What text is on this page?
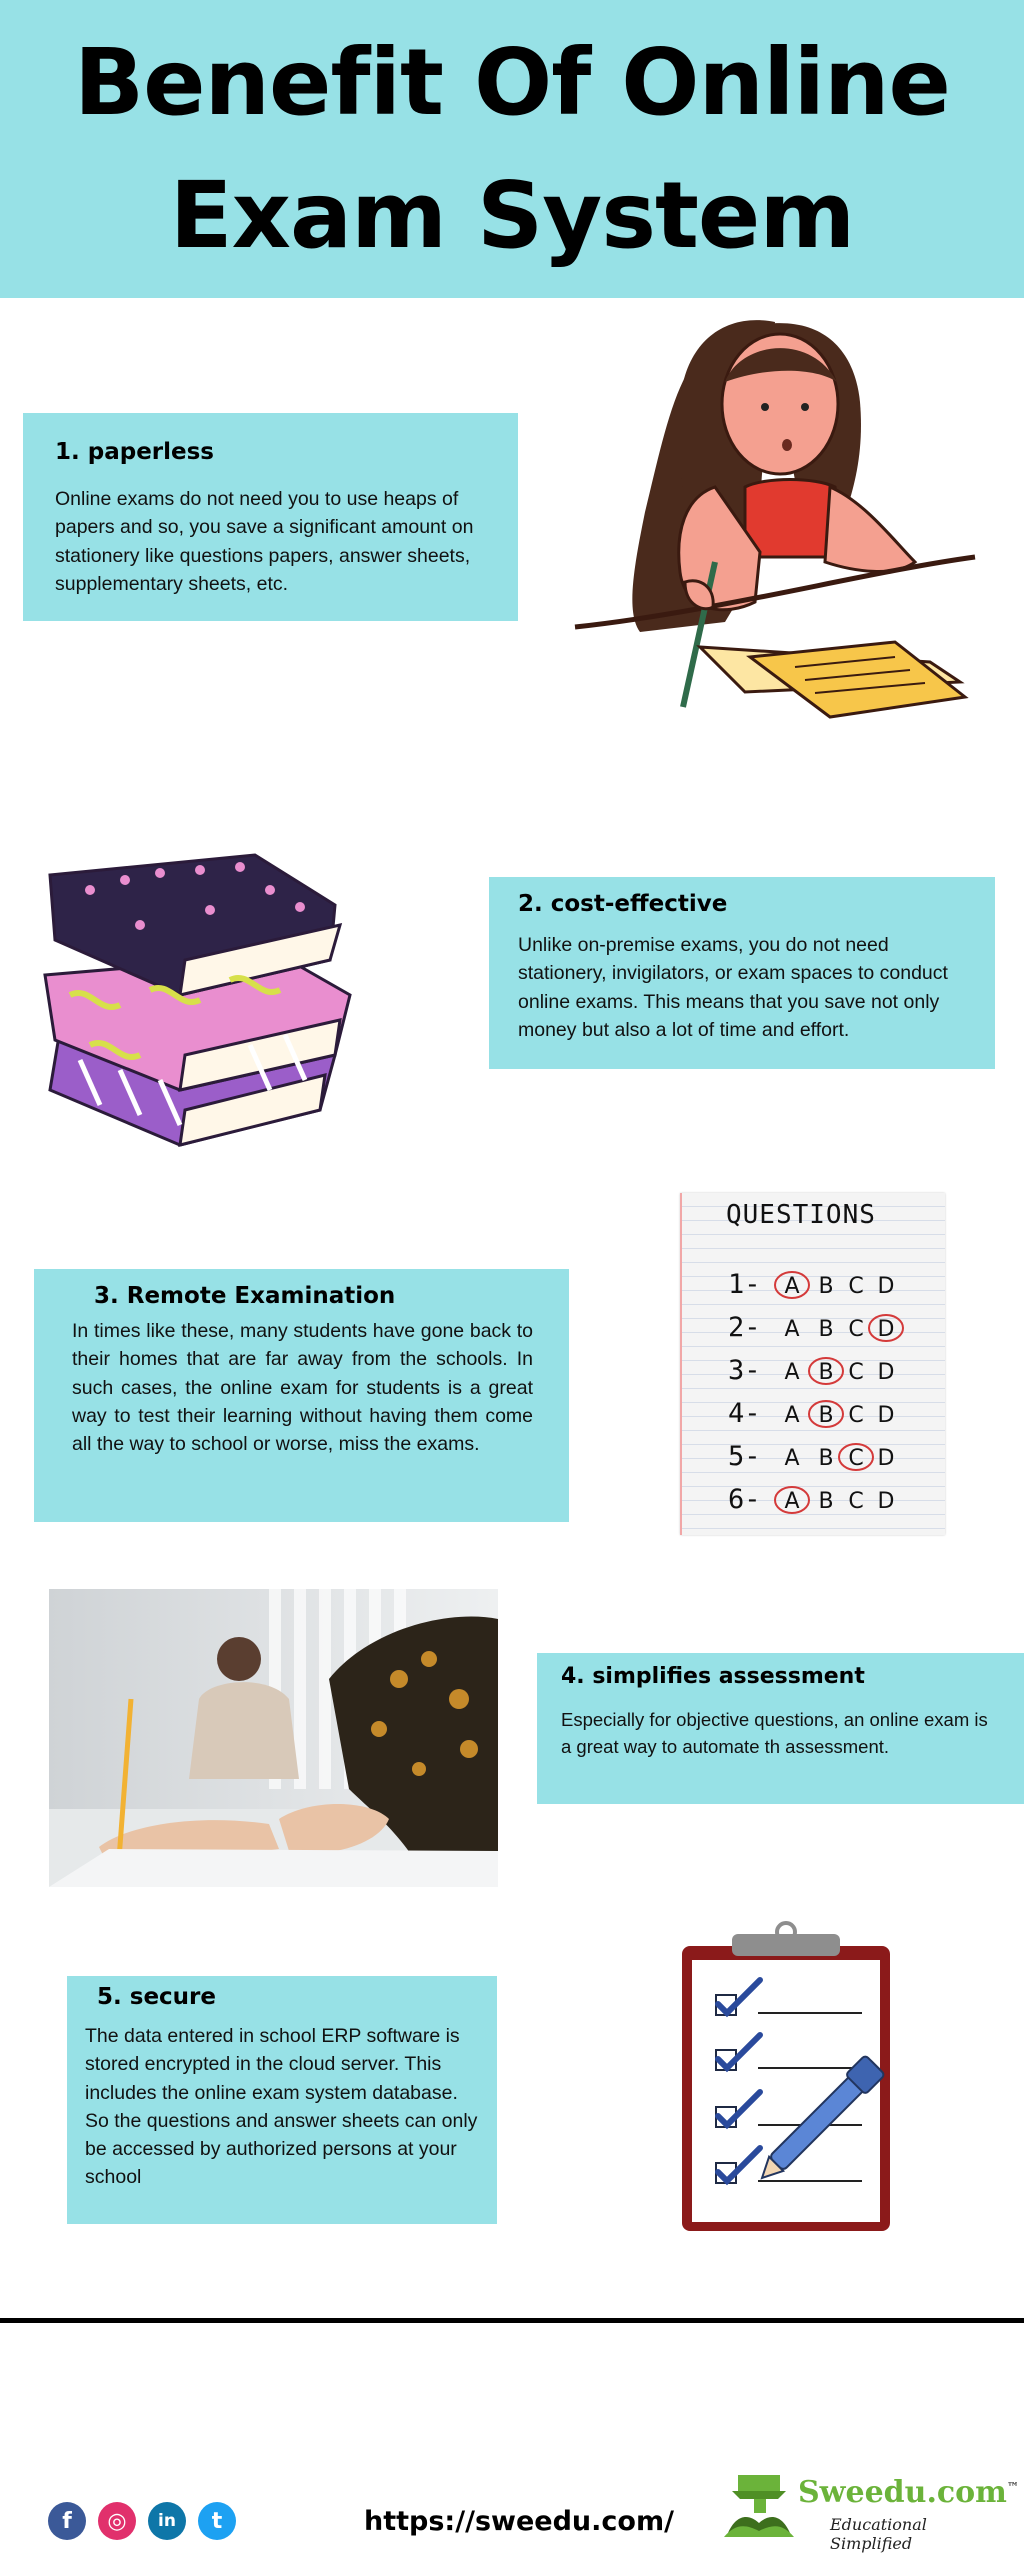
Benefit Of Online
Exam System
1. paperless

Online exams do not need you to use heaps of papers and so, you save a significant amount on stationery like questions papers, answer sheets, supplementary sheets, etc.

2. cost-effective

Unlike on-premise exams, you do not need stationery, invigilators, or exam spaces to conduct online exams. This means that you save not only money but also a lot of time and effort.

QUESTIONS
1- A B C D
2- A B C D
3- A B C D
4- A B C D
5- A B C D
6- A B C D
3. Remote Examination

In times like these, many students have gone back to their homes that are far away from the schools. In such cases, the online exam for students is a great way to test their learning without having them come all the way to school or worse, miss the exams.

4. simplifies assessment

Especially for objective questions, an online exam is a great way to automate th assessment.

5. secure

The data entered in school ERP software is stored encrypted in the cloud server. This includes the online exam system database. So the questions and answer sheets can only be accessed by authorized persons at your school

f	◎	in	t	https://sweedu.com/
Sweedu.com™
Educational Simplified
